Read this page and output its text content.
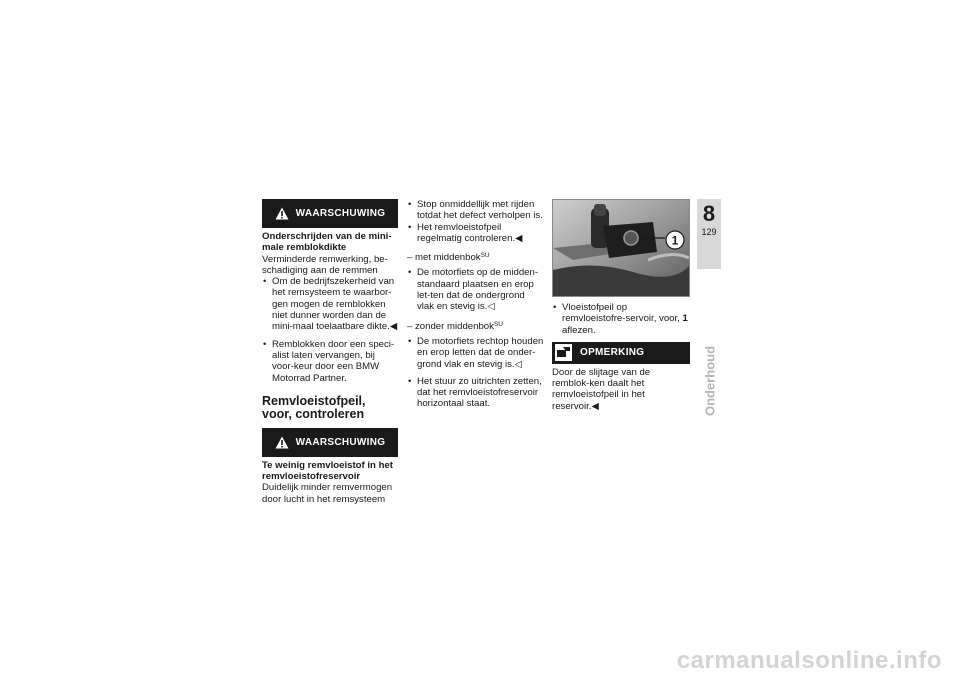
WAARSCHUWING

Onderschrijden van de mini-male remblokdikte

Verminderde remwerking, be-schadiging aan de remmen

• Om de bedrijfszekerheid van het remsysteem te waarbor-gen mogen de remblokken niet dunner worden dan de mini-maal toelaatbare dikte.◀

• Remblokken door een speci-alist laten vervangen, bij voor-keur door een BMW Motorrad Partner.

Remvloeistofpeil, voor, controleren
WAARSCHUWING

Te weinig remvloeistof in het remvloeistofreservoir

Duidelijk minder remvermogen door lucht in het remsysteem

• Stop onmiddellijk met rijden totdat het defect verholpen is.

• Het remvloeistofpeil regelmatig controleren.◀

– met middenbok$^{SU}$

• De motorfiets op de midden-standaard plaatsen en erop let-ten dat de ondergrond vlak en stevig is.◁

– zonder middenbok$^{SU}$

• De motorfiets rechtop houden en erop letten dat de onder-grond vlak en stevig is.◁

• Het stuur zo uitrichten zetten, dat het remvloeistofreservoir horizontaal staat.

1

• Vloeistofpeil op remvloeistofre-servoir, voor, 1 aflezen.

OPMERKING

Door de slijtage van de remblok-ken daalt het remvloeistofpeil in het reservoir.◀

8
129
Onderhoud
carmanualsonline.info
